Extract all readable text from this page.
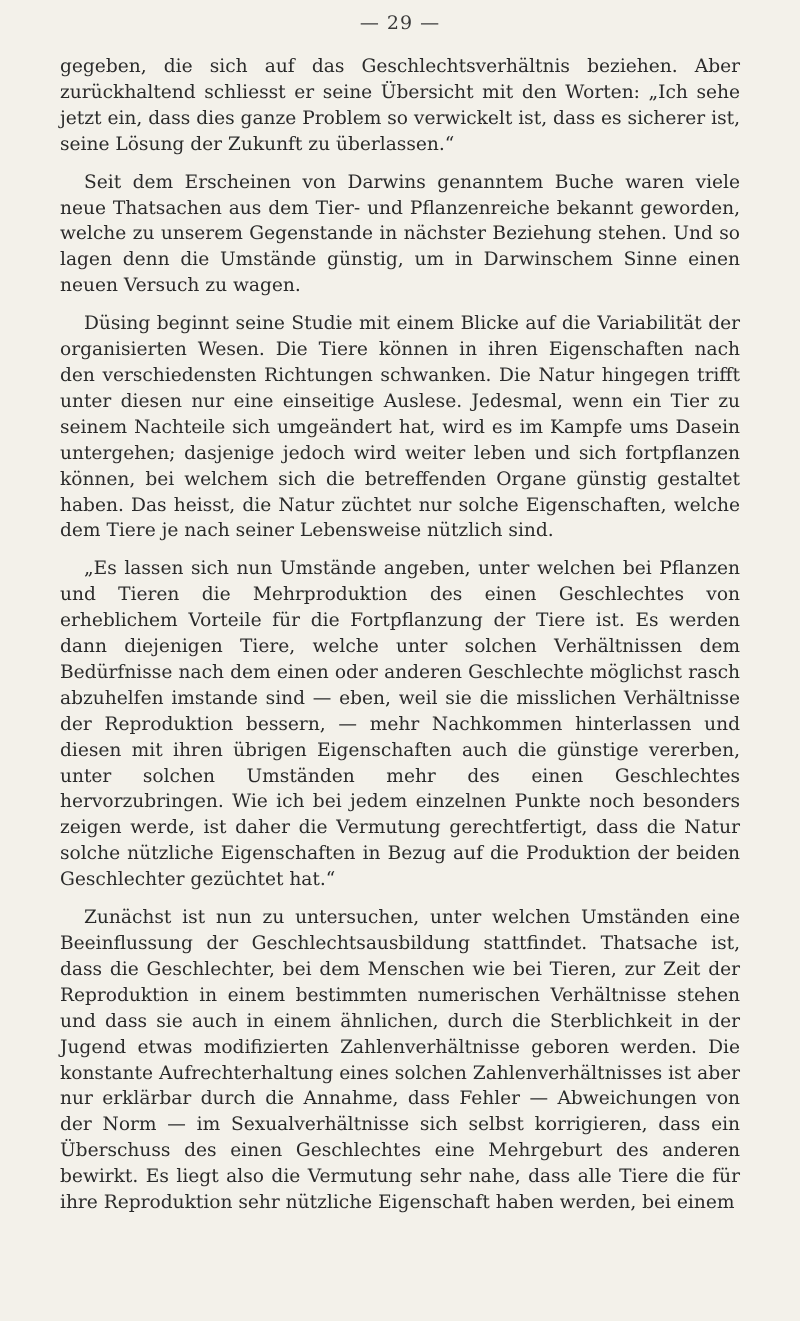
— 29 —

gegeben, die sich auf das Geschlechtsverhältnis beziehen. Aber zurückhaltend schliesst er seine Übersicht mit den Worten: „Ich sehe jetzt ein, dass dies ganze Problem so verwickelt ist, dass es sicherer ist, seine Lösung der Zukunft zu überlassen.“

Seit dem Erscheinen von Darwins genanntem Buche waren viele neue Thatsachen aus dem Tier- und Pflanzenreiche bekannt geworden, welche zu unserem Gegenstande in nächster Beziehung stehen. Und so lagen denn die Umstände günstig, um in Darwinschem Sinne einen neuen Versuch zu wagen.

Düsing beginnt seine Studie mit einem Blicke auf die Variabilität der organisierten Wesen. Die Tiere können in ihren Eigenschaften nach den verschiedensten Richtungen schwanken. Die Natur hingegen trifft unter diesen nur eine einseitige Auslese. Jedesmal, wenn ein Tier zu seinem Nachteile sich umgeändert hat, wird es im Kampfe ums Dasein untergehen; dasjenige jedoch wird weiter leben und sich fortpflanzen können, bei welchem sich die betreffenden Organe günstig gestaltet haben. Das heisst, die Natur züchtet nur solche Eigenschaften, welche dem Tiere je nach seiner Lebensweise nützlich sind.

„Es lassen sich nun Umstände angeben, unter welchen bei Pflanzen und Tieren die Mehrproduktion des einen Geschlechtes von erheblichem Vorteile für die Fortpflanzung der Tiere ist. Es werden dann diejenigen Tiere, welche unter solchen Verhältnissen dem Bedürfnisse nach dem einen oder anderen Geschlechte möglichst rasch abzuhelfen imstande sind — eben, weil sie die misslichen Verhältnisse der Reproduktion bessern, — mehr Nachkommen hinterlassen und diesen mit ihren übrigen Eigenschaften auch die günstige vererben, unter solchen Umständen mehr des einen Geschlechtes hervorzubringen. Wie ich bei jedem einzelnen Punkte noch besonders zeigen werde, ist daher die Vermutung gerechtfertigt, dass die Natur solche nützliche Eigenschaften in Bezug auf die Produktion der beiden Geschlechter gezüchtet hat.“

Zunächst ist nun zu untersuchen, unter welchen Umständen eine Beeinflussung der Geschlechtsausbildung stattfindet. Thatsache ist, dass die Geschlechter, bei dem Menschen wie bei Tieren, zur Zeit der Reproduktion in einem bestimmten numerischen Verhältnisse stehen und dass sie auch in einem ähnlichen, durch die Sterblichkeit in der Jugend etwas modifizierten Zahlenverhältnisse geboren werden. Die konstante Aufrechterhaltung eines solchen Zahlenverhältnisses ist aber nur erklärbar durch die Annahme, dass Fehler — Abweichungen von der Norm — im Sexualverhältnisse sich selbst korrigieren, dass ein Überschuss des einen Geschlechtes eine Mehrgeburt des anderen bewirkt. Es liegt also die Vermutung sehr nahe, dass alle Tiere die für ihre Reproduktion sehr nützliche Eigenschaft haben werden, bei einem
